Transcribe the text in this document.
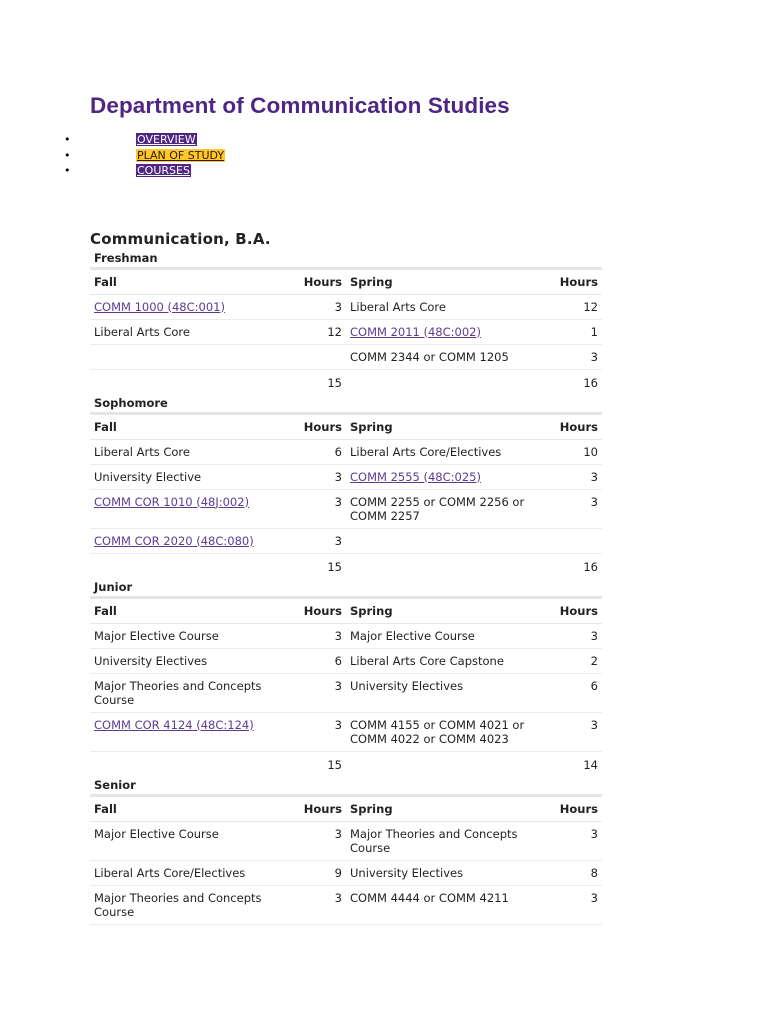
Department of Communication Studies
•	OVERVIEW
•	PLAN OF STUDY
•	COURSES
Communication, B.A.
Freshman
Fall	Hours	Spring	Hours
COMM 1000 (48C:001)	3	Liberal Arts Core	12
Liberal Arts Core	12	COMM 2011 (48C:002)	1
		COMM 2344 or COMM 1205	3
	15		16
Sophomore
Fall	Hours	Spring	Hours
Liberal Arts Core	6	Liberal Arts Core/Electives	10
University Elective	3	COMM 2555 (48C:025)	3
COMM COR 1010 (48J:002)	3	COMM 2255 or COMM 2256 or COMM 2257	3
COMM COR 2020 (48C:080)	3		
	15		16
Junior
Fall	Hours	Spring	Hours
Major Elective Course	3	Major Elective Course	3
University Electives	6	Liberal Arts Core Capstone	2
Major Theories and Concepts Course	3	University Electives	6
COMM COR 4124 (48C:124)	3	COMM 4155 or COMM 4021 or COMM 4022 or COMM 4023	3
	15		14
Senior
Fall	Hours	Spring	Hours
Major Elective Course	3	Major Theories and Concepts Course	3
Liberal Arts Core/Electives	9	University Electives	8
Major Theories and Concepts Course	3	COMM 4444 or COMM 4211	3
